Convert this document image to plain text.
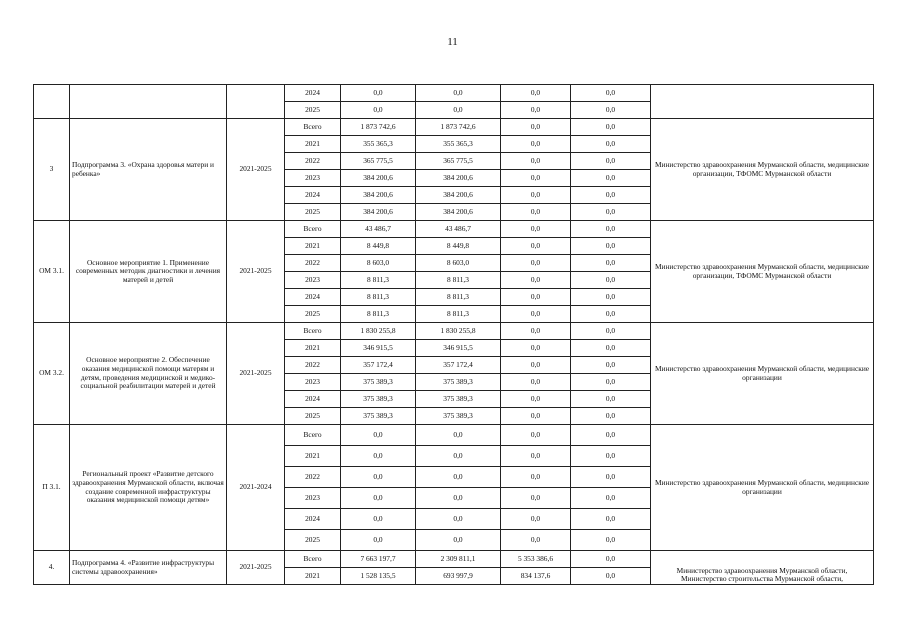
11
			2024	0,0	0,0	0,0	0,0	
			2025	0,0	0,0	0,0	0,0	
3	Подпрограмма 3. «Охрана здоровья матери и ребенка»	2021-2025	Всего	1 873 742,6	1 873 742,6	0,0	0,0	Министерство здравоохранения Мурманской области, медицинские организации, ТФОМС Мурманской области
			2021	355 365,3	355 365,3	0,0	0,0	
			2022	365 775,5	365 775,5	0,0	0,0	
			2023	384 200,6	384 200,6	0,0	0,0	
			2024	384 200,6	384 200,6	0,0	0,0	
			2025	384 200,6	384 200,6	0,0	0,0	
ОМ 3.1.	Основное мероприятие 1. Применение современных методик диагностики и лечения матерей и детей	2021-2025	Всего	43 486,7	43 486,7	0,0	0,0	Министерство здравоохранения Мурманской области, медицинские организации, ТФОМС Мурманской области
			2021	8 449,8	8 449,8	0,0	0,0	
			2022	8 603,0	8 603,0	0,0	0,0	
			2023	8 811,3	8 811,3	0,0	0,0	
			2024	8 811,3	8 811,3	0,0	0,0	
			2025	8 811,3	8 811,3	0,0	0,0	
ОМ 3.2.	Основное мероприятие 2. Обеспечение оказания медицинской помощи матерям и детям, проведения медицинской и медико-социальной реабилитации матерей и детей	2021-2025	Всего	1 830 255,8	1 830 255,8	0,0	0,0	Министерство здравоохранения Мурманской области, медицинские организации
			2021	346 915,5	346 915,5	0,0	0,0	
			2022	357 172,4	357 172,4	0,0	0,0	
			2023	375 389,3	375 389,3	0,0	0,0	
			2024	375 389,3	375 389,3	0,0	0,0	
			2025	375 389,3	375 389,3	0,0	0,0	
П 3.1.	Региональный проект «Развитие детского здравоохранения Мурманской области, включая создание современной инфраструктуры оказания медицинской помощи детям»	2021-2024	Всего	0,0	0,0	0,0	0,0	Министерство здравоохранения Мурманской области, медицинские организации
			2021	0,0	0,0	0,0	0,0	
			2022	0,0	0,0	0,0	0,0	
			2023	0,0	0,0	0,0	0,0	
			2024	0,0	0,0	0,0	0,0	
			2025	0,0	0,0	0,0	0,0	
4.	Подпрограмма 4. «Развитие инфраструктуры системы здравоохранения»	2021-2025	Всего	7 663 197,7	2 309 811,1	5 353 386,6	0,0	Министерство здравоохранения Мурманской области, Министерство строительства Мурманской области,
			2021	1 528 135,5	693 997,9	834 137,6	0,0	
